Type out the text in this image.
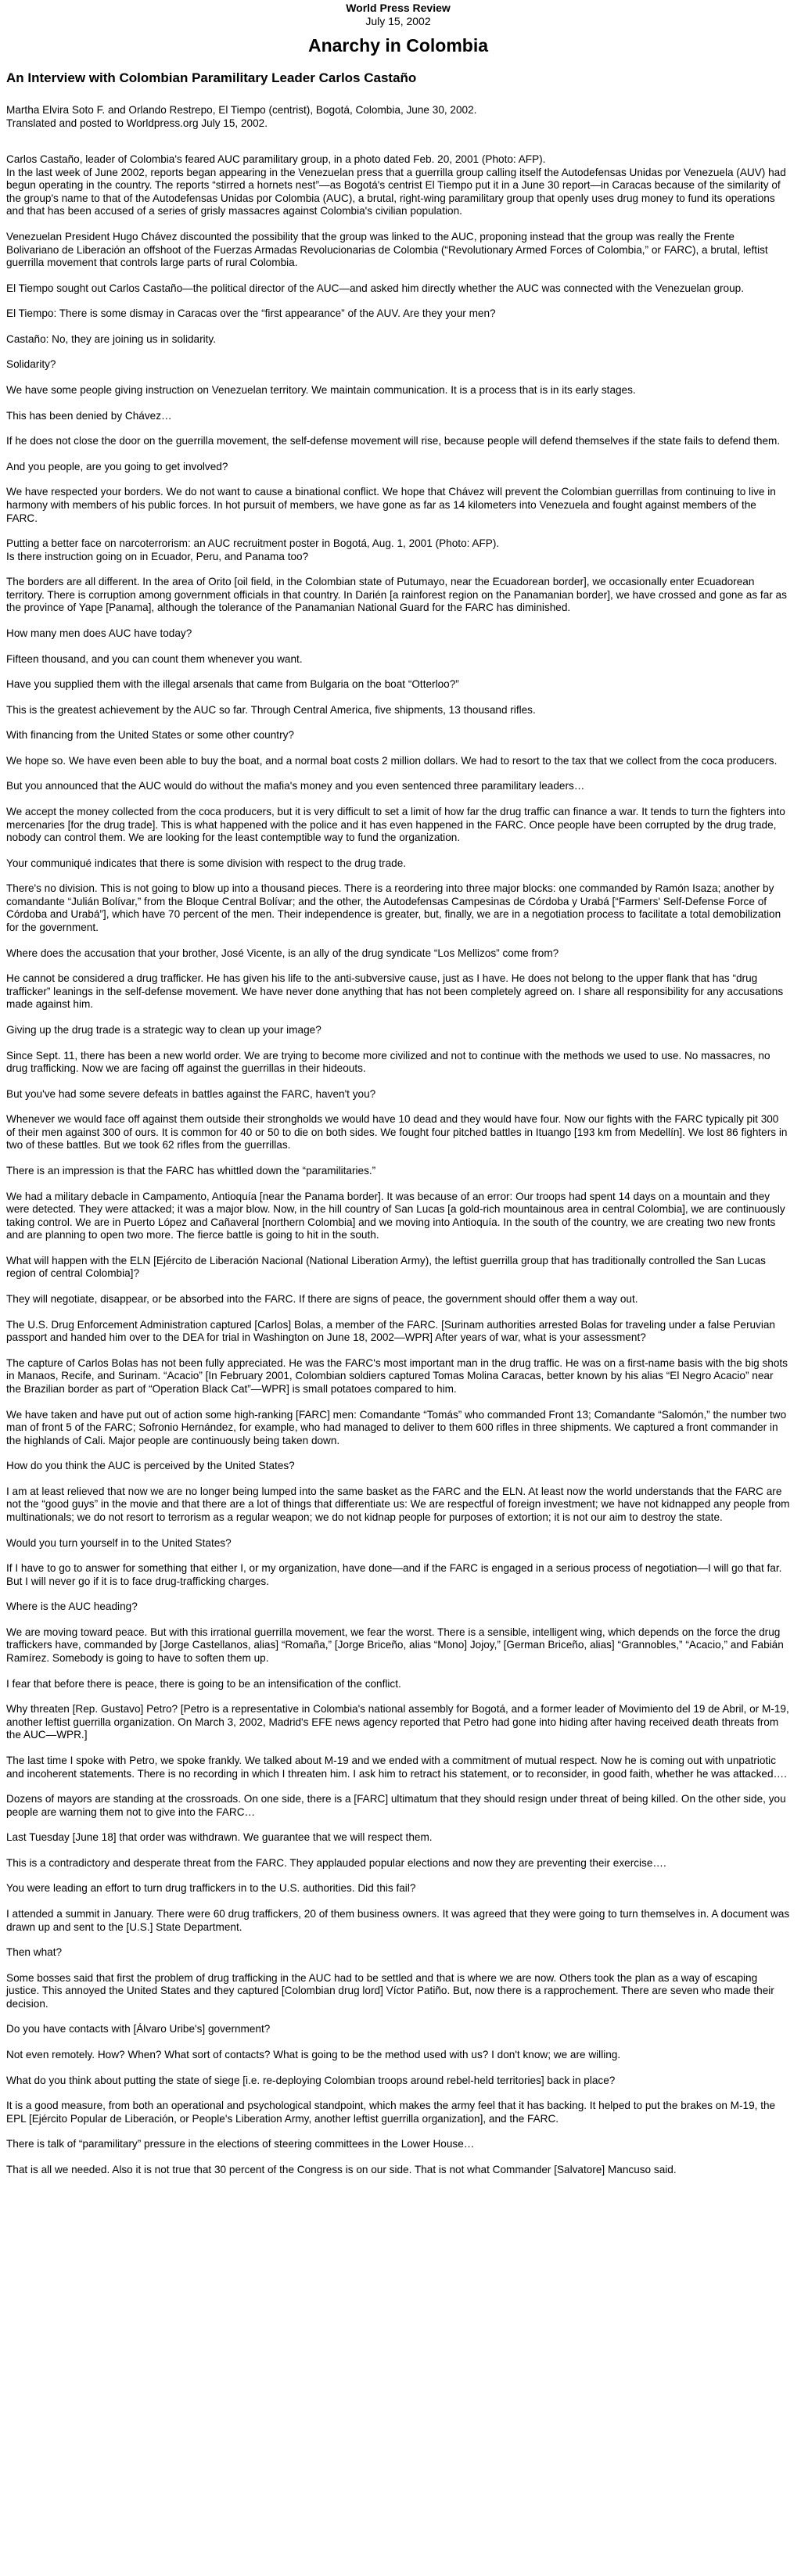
World Press Review

July 15, 2002

Anarchy in Colombia
An Interview with Colombian Paramilitary Leader Carlos Castaño

Martha Elvira Soto F. and Orlando Restrepo, El Tiempo (centrist), Bogotá, Colombia, June 30, 2002.
Translated and posted to Worldpress.org July 15, 2002.

Carlos Castaño, leader of Colombia's feared AUC paramilitary group, in a photo dated Feb. 20, 2001 (Photo: AFP).

In the last week of June 2002, reports began appearing in the Venezuelan press that a guerrilla group calling itself the Autodefensas Unidas por Venezuela (AUV) had begun operating in the country. The reports “stirred a hornets nest”—as Bogotá's centrist El Tiempo put it in a June 30 report—in Caracas because of the similarity of the group's name to that of the Autodefensas Unidas por Colombia (AUC), a brutal, right-wing paramilitary group that openly uses drug money to fund its operations and that has been accused of a series of grisly massacres against Colombia's civilian population.

Venezuelan President Hugo Chávez discounted the possibility that the group was linked to the AUC, proponing instead that the group was really the Frente Bolivariano de Liberación an offshoot of the Fuerzas Armadas Revolucionarias de Colombia (“Revolutionary Armed Forces of Colombia,” or FARC), a brutal, leftist guerrilla movement that controls large parts of rural Colombia.

El Tiempo sought out Carlos Castaño—the political director of the AUC—and asked him directly whether the AUC was connected with the Venezuelan group.

El Tiempo: There is some dismay in Caracas over the “first appearance” of the AUV. Are they your men?

Castaño: No, they are joining us in solidarity.

Solidarity?

We have some people giving instruction on Venezuelan territory. We maintain communication. It is a process that is in its early stages.

This has been denied by Chávez…

If he does not close the door on the guerrilla movement, the self-defense movement will rise, because people will defend themselves if the state fails to defend them.

And you people, are you going to get involved?

We have respected your borders. We do not want to cause a binational conflict. We hope that Chávez will prevent the Colombian guerrillas from continuing to live in harmony with members of his public forces. In hot pursuit of members, we have gone as far as 14 kilometers into Venezuela and fought against members of the FARC.

Putting a better face on narcoterrorism: an AUC recruitment poster in Bogotá, Aug. 1, 2001 (Photo: AFP).
Is there instruction going on in Ecuador, Peru, and Panama too?

The borders are all different. In the area of Orito [oil field, in the Colombian state of Putumayo, near the Ecuadorean border], we occasionally enter Ecuadorean territory. There is corruption among government officials in that country. In Darién [a rainforest region on the Panamanian border], we have crossed and gone as far as the province of Yape [Panama], although the tolerance of the Panamanian National Guard for the FARC has diminished.

How many men does AUC have today?

Fifteen thousand, and you can count them whenever you want.

Have you supplied them with the illegal arsenals that came from Bulgaria on the boat “Otterloo?”

This is the greatest achievement by the AUC so far. Through Central America, five shipments, 13 thousand rifles.

With financing from the United States or some other country?

We hope so. We have even been able to buy the boat, and a normal boat costs 2 million dollars. We had to resort to the tax that we collect from the coca producers.

But you announced that the AUC would do without the mafia's money and you even sentenced three paramilitary leaders…

We accept the money collected from the coca producers, but it is very difficult to set a limit of how far the drug traffic can finance a war. It tends to turn the fighters into mercenaries [for the drug trade]. This is what happened with the police and it has even happened in the FARC. Once people have been corrupted by the drug trade, nobody can control them. We are looking for the least contemptible way to fund the organization.

Your communiqué indicates that there is some division with respect to the drug trade.

There's no division. This is not going to blow up into a thousand pieces. There is a reordering into three major blocks: one commanded by Ramón Isaza; another by comandante “Julián Bolívar,” from the Bloque Central Bolívar; and the other, the Autodefensas Campesinas de Córdoba y Urabá [“Farmers' Self-Defense Force of Córdoba and Urabá”], which have 70 percent of the men. Their independence is greater, but, finally, we are in a negotiation process to facilitate a total demobilization for the government.

Where does the accusation that your brother, José Vicente, is an ally of the drug syndicate “Los Mellizos” come from?

He cannot be considered a drug trafficker. He has given his life to the anti-subversive cause, just as I have. He does not belong to the upper flank that has “drug trafficker” leanings in the self-defense movement. We have never done anything that has not been completely agreed on. I share all responsibility for any accusations made against him.

Giving up the drug trade is a strategic way to clean up your image?

Since Sept. 11, there has been a new world order. We are trying to become more civilized and not to continue with the methods we used to use. No massacres, no drug trafficking. Now we are facing off against the guerrillas in their hideouts.

But you've had some severe defeats in battles against the FARC, haven't you?

Whenever we would face off against them outside their strongholds we would have 10 dead and they would have four. Now our fights with the FARC typically pit 300 of their men against 300 of ours. It is common for 40 or 50 to die on both sides. We fought four pitched battles in Ituango [193 km from Medellín]. We lost 86 fighters in two of these battles. But we took 62 rifles from the guerrillas.

There is an impression is that the FARC has whittled down the “paramilitaries.”

We had a military debacle in Campamento, Antioquía [near the Panama border]. It was because of an error: Our troops had spent 14 days on a mountain and they were detected. They were attacked; it was a major blow. Now, in the hill country of San Lucas [a gold-rich mountainous area in central Colombia], we are continuously taking control. We are in Puerto López and Cañaveral [northern Colombia] and we moving into Antioquía. In the south of the country, we are creating two new fronts and are planning to open two more. The fierce battle is going to hit in the south.

What will happen with the ELN [Ejército de Liberación Nacional (National Liberation Army), the leftist guerrilla group that has traditionally controlled the San Lucas region of central Colombia]?

They will negotiate, disappear, or be absorbed into the FARC. If there are signs of peace, the government should offer them a way out.

The U.S. Drug Enforcement Administration captured [Carlos] Bolas, a member of the FARC. [Surinam authorities arrested Bolas for traveling under a false Peruvian passport and handed him over to the DEA for trial in Washington on June 18, 2002—WPR] After years of war, what is your assessment?

The capture of Carlos Bolas has not been fully appreciated. He was the FARC's most important man in the drug traffic. He was on a first-name basis with the big shots in Manaos, Recife, and Surinam. “Acacio” [In February 2001, Colombian soldiers captured Tomas Molina Caracas, better known by his alias “El Negro Acacio” near the Brazilian border as part of “Operation Black Cat”—WPR] is small potatoes compared to him.

We have taken and have put out of action some high-ranking [FARC] men: Comandante “Tomás” who commanded Front 13; Comandante “Salomón,” the number two man of front 5 of the FARC; Sofronio Hernández, for example, who had managed to deliver to them 600 rifles in three shipments. We captured a front commander in the highlands of Cali. Major people are continuously being taken down.

How do you think the AUC is perceived by the United States?

I am at least relieved that now we are no longer being lumped into the same basket as the FARC and the ELN. At least now the world understands that the FARC are not the “good guys” in the movie and that there are a lot of things that differentiate us: We are respectful of foreign investment; we have not kidnapped any people from multinationals; we do not resort to terrorism as a regular weapon; we do not kidnap people for purposes of extortion; it is not our aim to destroy the state.

Would you turn yourself in to the United States?

If I have to go to answer for something that either I, or my organization, have done—and if the FARC is engaged in a serious process of negotiation—I will go that far. But I will never go if it is to face drug-trafficking charges.

Where is the AUC heading?

We are moving toward peace. But with this irrational guerrilla movement, we fear the worst. There is a sensible, intelligent wing, which depends on the force the drug traffickers have, commanded by [Jorge Castellanos, alias] “Romaña,” [Jorge Briceño, alias “Mono] Jojoy,” [German Briceño, alias] “Grannobles,” “Acacio,” and Fabián Ramírez. Somebody is going to have to soften them up.

I fear that before there is peace, there is going to be an intensification of the conflict.

Why threaten [Rep. Gustavo] Petro? [Petro is a representative in Colombia's national assembly for Bogotá, and a former leader of Movimiento del 19 de Abril, or M-19, another leftist guerrilla organization. On March 3, 2002, Madrid's EFE news agency reported that Petro had gone into hiding after having received death threats from the AUC—WPR.]

The last time I spoke with Petro, we spoke frankly. We talked about M-19 and we ended with a commitment of mutual respect. Now he is coming out with unpatriotic and incoherent statements. There is no recording in which I threaten him. I ask him to retract his statement, or to reconsider, in good faith, whether he was attacked….

Dozens of mayors are standing at the crossroads. On one side, there is a [FARC] ultimatum that they should resign under threat of being killed. On the other side, you people are warning them not to give into the FARC…

Last Tuesday [June 18] that order was withdrawn. We guarantee that we will respect them.

This is a contradictory and desperate threat from the FARC. They applauded popular elections and now they are preventing their exercise….

You were leading an effort to turn drug traffickers in to the U.S. authorities. Did this fail?

I attended a summit in January. There were 60 drug traffickers, 20 of them business owners. It was agreed that they were going to turn themselves in. A document was drawn up and sent to the [U.S.] State Department.

Then what?

Some bosses said that first the problem of drug trafficking in the AUC had to be settled and that is where we are now. Others took the plan as a way of escaping justice. This annoyed the United States and they captured [Colombian drug lord] Víctor Patiño. But, now there is a rapprochement. There are seven who made their decision.

Do you have contacts with [Álvaro Uribe's] government?

Not even remotely. How? When? What sort of contacts? What is going to be the method used with us? I don't know; we are willing.

What do you think about putting the state of siege [i.e. re-deploying Colombian troops around rebel-held territories] back in place?

It is a good measure, from both an operational and psychological standpoint, which makes the army feel that it has backing. It helped to put the brakes on M-19, the EPL [Ejército Popular de Liberación, or People's Liberation Army, another leftist guerrilla organization], and the FARC.

There is talk of “paramilitary” pressure in the elections of steering committees in the Lower House…

That is all we needed. Also it is not true that 30 percent of the Congress is on our side. That is not what Commander [Salvatore] Mancuso said.
